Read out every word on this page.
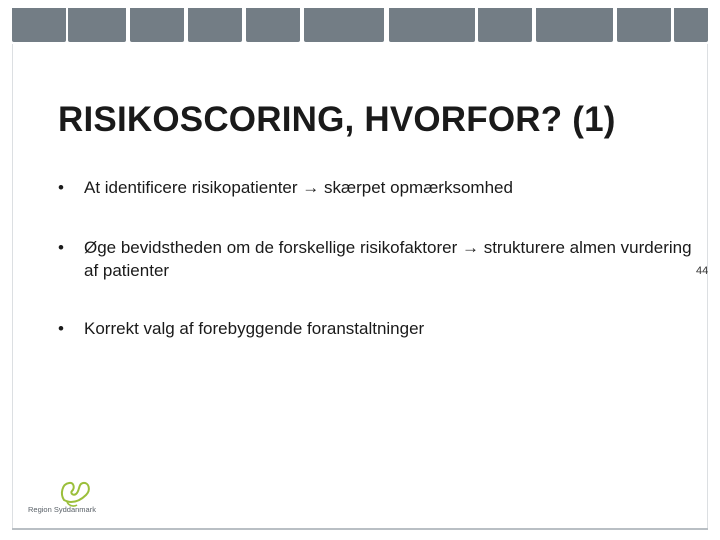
RISIKOSCORING, HVORFOR? (1)
• At identificere risikopatienter → skærpet opmærksomhed
• Øge bevidstheden om de forskellige risikofaktorer → strukturere almen vurdering af patienter
• Korrekt valg af forebyggende foranstaltninger
44
Region Syddanmark
